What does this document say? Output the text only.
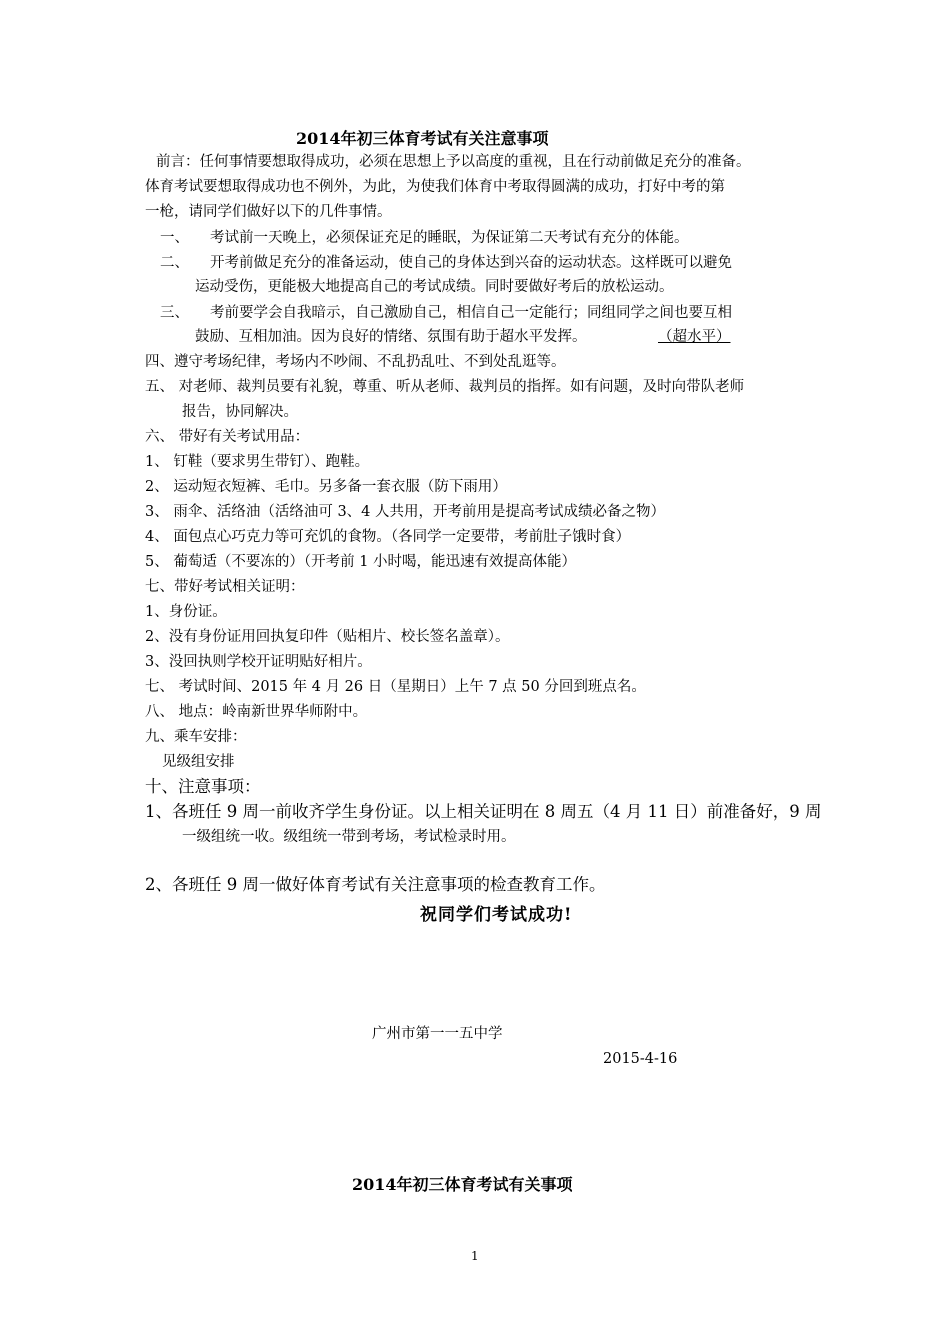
2014年初三体育考试有关注意事项
前言：任何事情要想取得成功，必须在思想上予以高度的重视，且在行动前做足充分的准备。
体育考试要想取得成功也不例外，为此，为使我们体育中考取得圆满的成功，打好中考的第
一枪，请同学们做好以下的几件事情。
一、 考试前一天晚上，必须保证充足的睡眠，为保证第二天考试有充分的体能。
二、 开考前做足充分的准备运动，使自己的身体达到兴奋的运动状态。这样既可以避免
运动受伤，更能极大地提高自己的考试成绩。同时要做好考后的放松运动。
三、 考前要学会自我暗示，自己激励自己，相信自己一定能行；同组同学之间也要互相
鼓励、互相加油。因为良好的情绪、氛围有助于超水平发挥。	（超水平）
四、遵守考场纪律，考场内不吵闹、不乱扔乱吐、不到处乱逛等。
五、 对老师、裁判员要有礼貌，尊重、听从老师、裁判员的指挥。如有问题，及时向带队老师
报告，协同解决。
六、 带好有关考试用品：
1、 钉鞋（要求男生带钉）、跑鞋。
2、 运动短衣短裤、毛巾。另多备一套衣服（防下雨用）
3、 雨伞、活络油（活络油可 3、4 人共用，开考前用是提高考试成绩必备之物）
4、 面包点心巧克力等可充饥的食物。（各同学一定要带，考前肚子饿时食）
5、 葡萄适（不要冻的）（开考前 1 小时喝，能迅速有效提高体能）
七、带好考试相关证明：
1、身份证。
2、没有身份证用回执复印件（贴相片、校长签名盖章）。
3、没回执则学校开证明贴好相片。
七、 考试时间、2015 年 4 月 26 日（星期日）上午 7 点 50 分回到班点名。
八、 地点：岭南新世界华师附中。
九、乘车安排：
见级组安排
十、注意事项：
1、各班任 9 周一前收齐学生身份证。以上相关证明在 8 周五（4 月 11 日）前准备好，9 周
一级组统一收。级组统一带到考场，考试检录时用。
2、各班任 9 周一做好体育考试有关注意事项的检查教育工作。
祝同学们考试成功!
广州市第一一五中学
2015-4-16
2014年初三体育考试有关事项
1
